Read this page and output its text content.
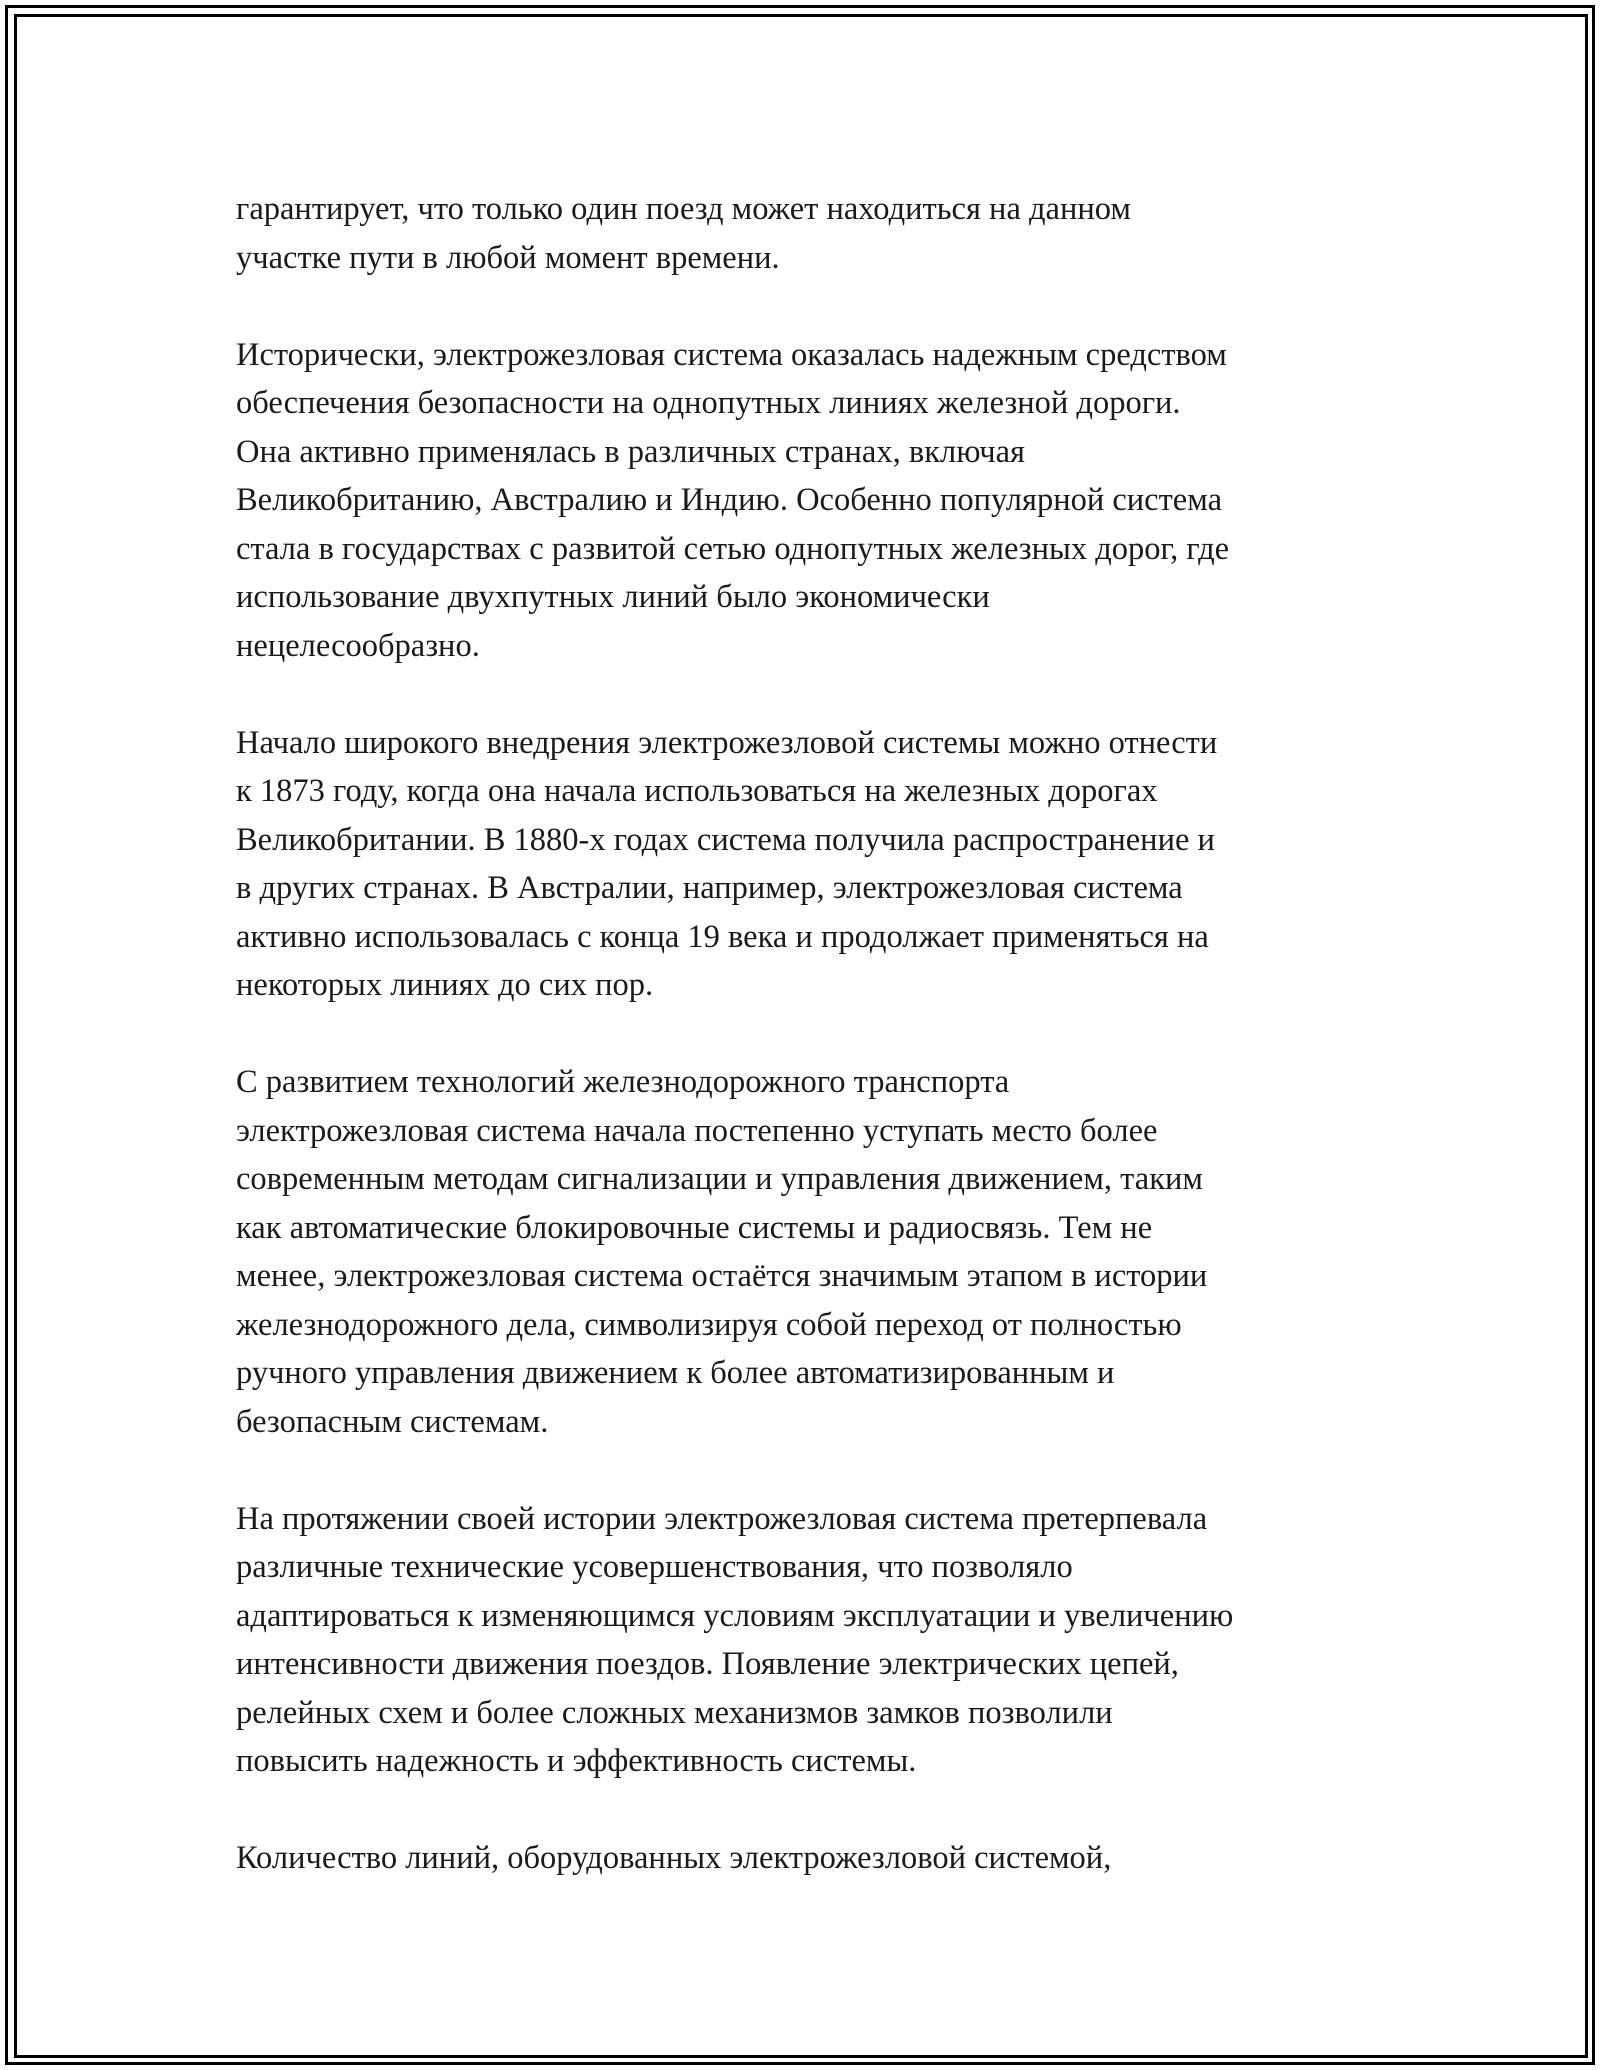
гарантирует, что только один поезд может находиться на данном
участке пути в любой момент времени.

Исторически, электрожезловая система оказалась надежным средством
обеспечения безопасности на однопутных линиях железной дороги.
Она активно применялась в различных странах, включая
Великобританию, Австралию и Индию. Особенно популярной система
стала в государствах с развитой сетью однопутных железных дорог, где
использование двухпутных линий было экономически
нецелесообразно.

Начало широкого внедрения электрожезловой системы можно отнести
к 1873 году, когда она начала использоваться на железных дорогах
Великобритании. В 1880-х годах система получила распространение и
в других странах. В Австралии, например, электрожезловая система
активно использовалась с конца 19 века и продолжает применяться на
некоторых линиях до сих пор.

С развитием технологий железнодорожного транспорта
электрожезловая система начала постепенно уступать место более
современным методам сигнализации и управления движением, таким
как автоматические блокировочные системы и радиосвязь. Тем не
менее, электрожезловая система остаётся значимым этапом в истории
железнодорожного дела, символизируя собой переход от полностью
ручного управления движением к более автоматизированным и
безопасным системам.

На протяжении своей истории электрожезловая система претерпевала
различные технические усовершенствования, что позволяло
адаптироваться к изменяющимся условиям эксплуатации и увеличению
интенсивности движения поездов. Появление электрических цепей,
релейных схем и более сложных механизмов замков позволили
повысить надежность и эффективность системы.

Количество линий, оборудованных электрожезловой системой,
